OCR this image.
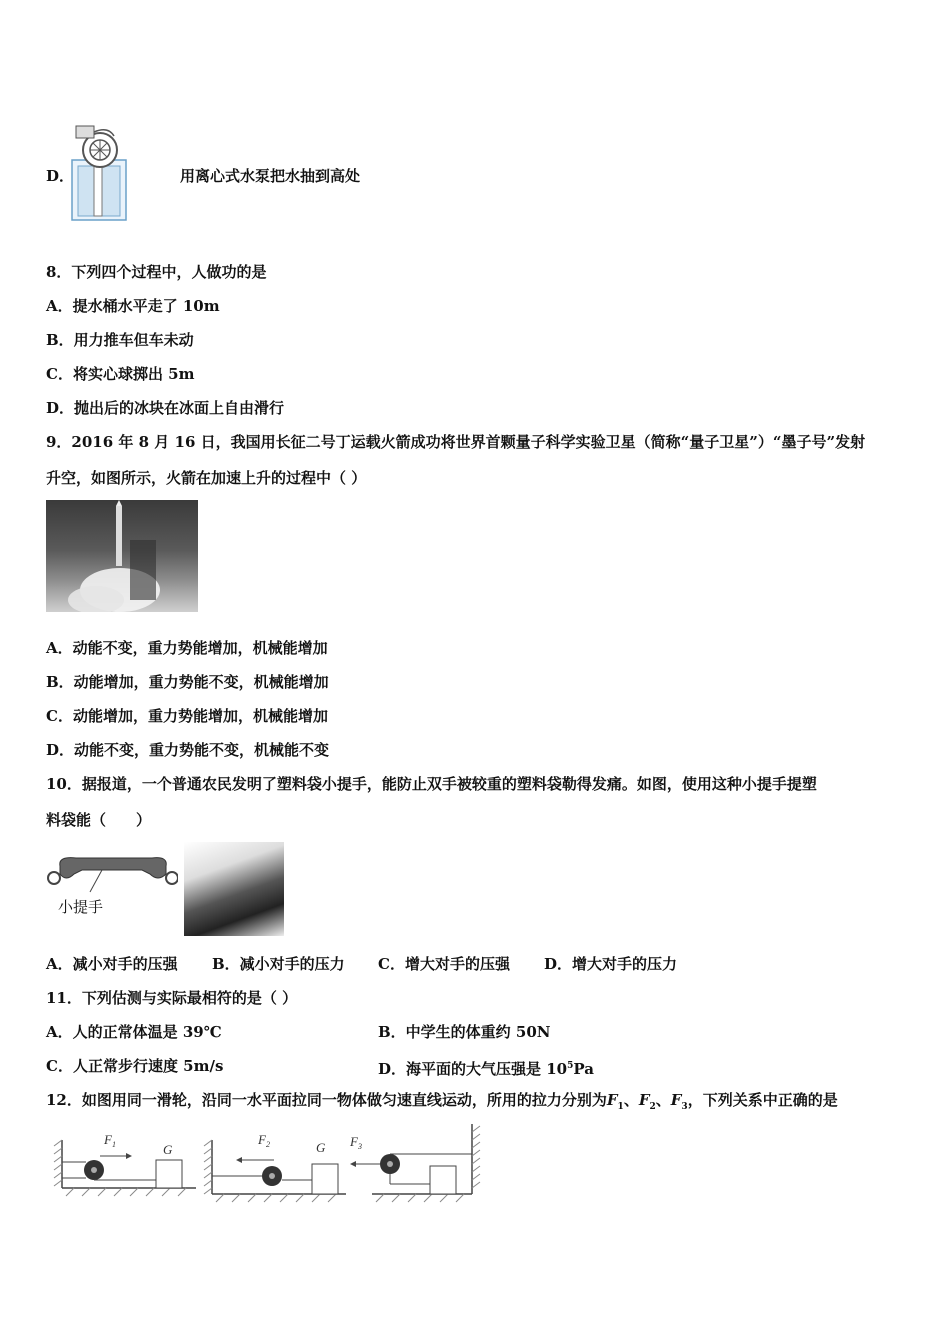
D．	用离心式水泵把水抽到高处
8．下列四个过程中，人做功的是
A．提水桶水平走了 10m
B．用力推车但车未动
C．将实心球掷出 5m
D．抛出后的冰块在冰面上自由滑行
9．2016 年 8 月 16 日，我国用长征二号丁运载火箭成功将世界首颗量子科学实验卫星（简称“量子卫星”）“墨子号”发射
升空，如图所示，火箭在加速上升的过程中（ ）
A．动能不变，重力势能增加，机械能增加
B．动能增加，重力势能不变，机械能增加
C．动能增加，重力势能增加，机械能增加
D．动能不变，重力势能不变，机械能不变
10．据报道，一个普通农民发明了塑料袋小提手，能防止双手被较重的塑料袋勒得发痛。如图，使用这种小提手提塑
料袋能（　　）
小提手
A．减小对手的压强 B．减小对手的压力 C．增大对手的压强 D．增大对手的压力
11．下列估测与实际最相符的是（ ）
A．人的正常体温是 39℃	B．中学生的体重约 50N
C．人正常步行速度 5m/s	D．海平面的大气压强是 $10^5Pa$
12．如图用同一滑轮，沿同一水平面拉同一物体做匀速直线运动，所用的拉力分别为$F_1$、$F_2$、$F_3$，下列关系中正确的是
F 1	G
F 2	G F 3
